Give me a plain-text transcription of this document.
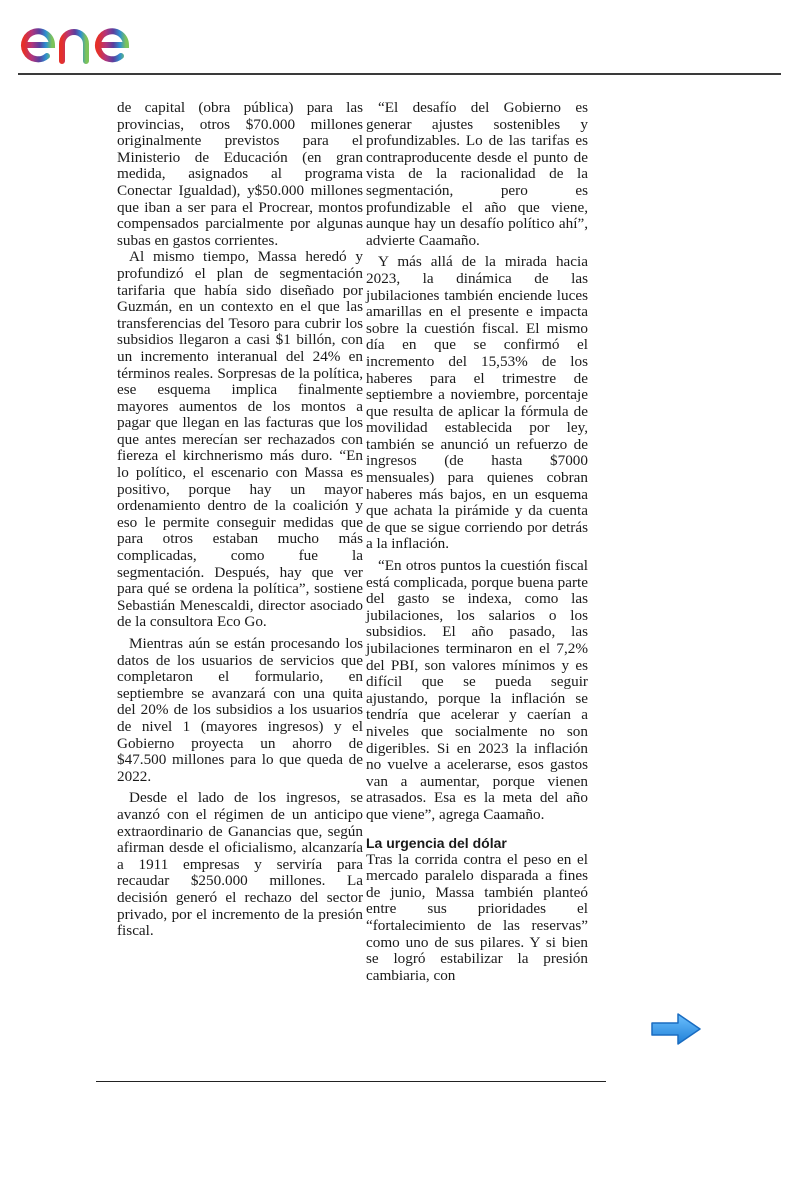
de capital (obra pública) para las provincias, otros $70.000 millones originalmente previstos para el Ministerio de Educación (en gran medida, asignados al programa Conectar Igualdad), y$50.000 millones que iban a ser para el Procrear, montos compensados parcialmente por algunas subas en gastos corrientes.

Al mismo tiempo, Massa heredó y profundizó el plan de segmentación tarifaria que había sido diseñado por Guzmán, en un contexto en el que las transferencias del Tesoro para cubrir los subsidios llegaron a casi $1 billón, con un incremento interanual del 24% en términos reales. Sorpresas de la política, ese esquema implica finalmente mayores aumentos de los montos a pagar que llegan en las facturas que los que antes merecían ser rechazados con fiereza el kirchnerismo más duro. “En lo político, el escenario con Massa es positivo, porque hay un mayor ordenamiento dentro de la coalición y eso le permite conseguir medidas que para otros estaban mucho más complicadas, como fue la segmentación. Después, hay que ver para qué se ordena la política”, sostiene Sebastián Menescaldi, director asociado de la consultora Eco Go.

Mientras aún se están procesando los datos de los usuarios de servicios que completaron el formulario, en septiembre se avanzará con una quita del 20% de los subsidios a los usuarios de nivel 1 (mayores ingresos) y el Gobierno proyecta un ahorro de $47.500 millones para lo que queda de 2022.

Desde el lado de los ingresos, se avanzó con el régimen de un anticipo extraordinario de Ganancias que, según afirman desde el oficialismo, alcanzaría a 1911 empresas y serviría para recaudar $250.000 millones. La decisión generó el rechazo del sector privado, por el incremento de la presión fiscal.

“El desafío del Gobierno es generar ajustes sostenibles y profundizables. Lo de las tarifas es contraproducente desde el punto de vista de la racionalidad de la segmentación, pero es profundizable el año que viene, aunque hay un desafío político ahí”, advierte Caamaño.

Y más allá de la mirada hacia 2023, la dinámica de las jubilaciones también enciende luces amarillas en el presente e impacta sobre la cuestión fiscal. El mismo día en que se confirmó el incremento del 15,53% de los haberes para el trimestre de septiembre a noviembre, porcentaje que resulta de aplicar la fórmula de movilidad establecida por ley, también se anunció un refuerzo de ingresos (de hasta $7000 mensuales) para quienes cobran haberes más bajos, en un esquema que achata la pirámide y da cuenta de que se sigue corriendo por detrás a la inflación.

“En otros puntos la cuestión fiscal está complicada, porque buena parte del gasto se indexa, como las jubilaciones, los salarios o los subsidios. El año pasado, las jubilaciones terminaron en el 7,2% del PBI, son valores mínimos y es difícil que se pueda seguir ajustando, porque la inflación se tendría que acelerar y caerían a niveles que socialmente no son digeribles. Si en 2023 la inflación no vuelve a acelerarse, esos gastos van a aumentar, porque vienen atrasados. Esa es la meta del año que viene”, agrega Caamaño.

La urgencia del dólar

Tras la corrida contra el peso en el mercado paralelo disparada a fines de junio, Massa también planteó entre sus prioridades el “fortalecimiento de las reservas” como uno de sus pilares. Y si bien se logró estabilizar la presión cambiaria, con
